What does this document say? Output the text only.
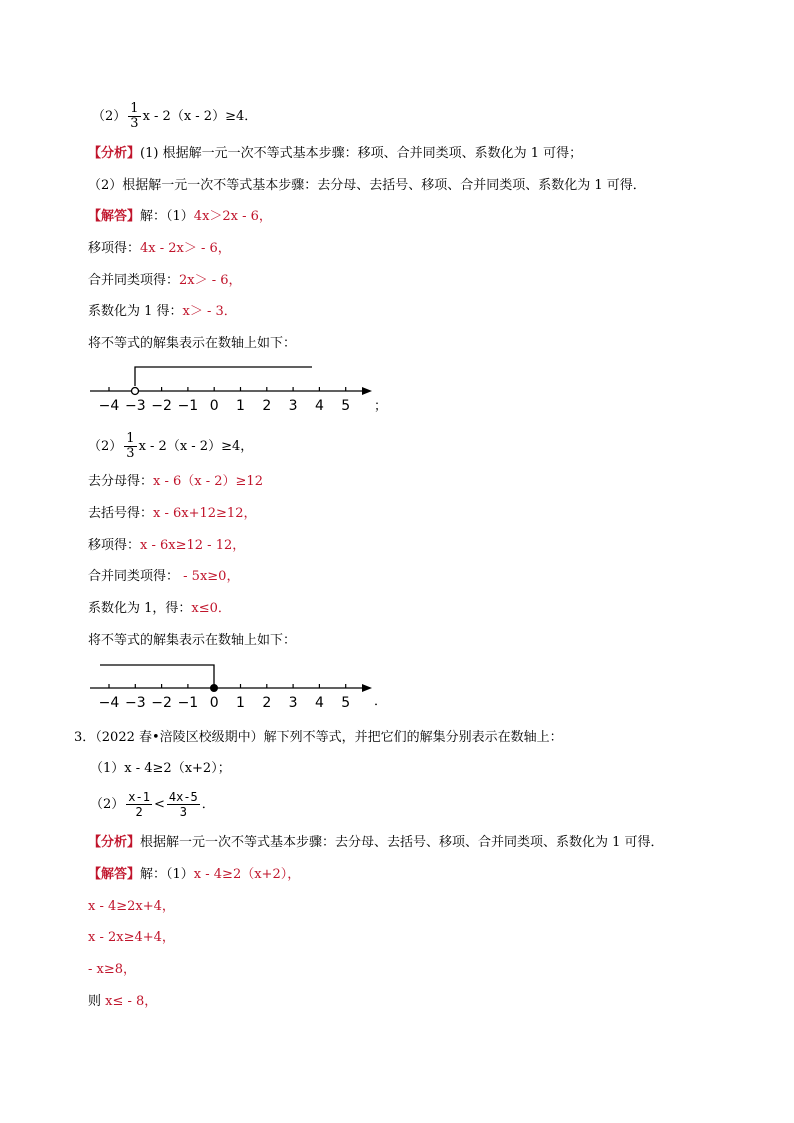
$(2) \frac{1}{3}$ x - 2（x - 2）≥4．
【分析】(1) 根据解一元一次不等式基本步骤：移项、合并同类项、系数化为 1 可得；
（2）根据解一元一次不等式基本步骤：去分母、去括号、移项、合并同类项、系数化为 1 可得．
【解答】解：（1）4x＞2x - 6，
移项得：4x - 2x＞ - 6，
合并同类项得：2x＞ - 6，
系数化为 1 得：x＞ - 3．
将不等式的解集表示在数轴上如下：
−4 −3 −2 −1 0 1 2 3 4 5 ；
$(2) \frac{1}{3}$ x - 2（x - 2）≥4，
去分母得：x - 6（x - 2）≥12
去括号得：x - 6x+12≥12，
移项得：x - 6x≥12 - 12，
合并同类项得： - 5x≥0，
系数化为 1，得：x≤0．
将不等式的解集表示在数轴上如下：
−4 −3 −2 −1 0 1 2 3 4 5 ．
3．（2022 春•涪陵区校级期中）解下列不等式，并把它们的解集分别表示在数轴上：
（1）x - 4≥2（x+2）；
$(2) \frac{x-1}{2} < \frac{4x-5}{3}$ ．
【分析】根据解一元一次不等式基本步骤：去分母、去括号、移项、合并同类项、系数化为 1 可得．
【解答】解：（1）x - 4≥2（x+2），
x - 4≥2x+4，
x - 2x≥4+4，
- x≥8，
则 x≤ - 8，
